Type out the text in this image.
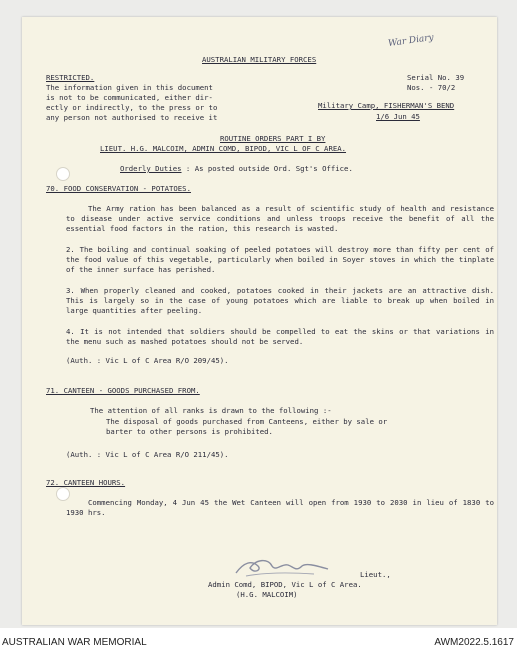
AUSTRALIAN MILITARY FORCES

War Diary

RESTRICTED.

The information given in this document

is not to be communicated, either dir-

ectly or indirectly, to the press or to

any person not authorised to receive it

Serial No. 39

Nos. - 70/2

Military Camp, FISHERMAN'S BEND

1/6 Jun 45

ROUTINE ORDERS PART I BY

LIEUT. H.G. MALCOIM, ADMIN COMD, BIPOD, VIC L OF C AREA.

Orderly Duties : As posted outside Ord. Sgt's Office.

70. FOOD CONSERVATION - POTATOES.

The Army ration has been balanced as a result of scientific study of health and resistance to disease under active service conditions and unless troops receive the benefit of all the essential food factors in the ration, this research is wasted.

2. The boiling and continual soaking of peeled potatoes will destroy more than fifty per cent of the food value of this vegetable, particularly when boiled in Soyer stoves in which the tinplate of the inner surface has perished.

3. When properly cleaned and cooked, potatoes cooked in their jackets are an attractive dish. This is largely so in the case of young potatoes which are liable to break up when boiled in large quantities after peeling.

4. It is not intended that soldiers should be compelled to eat the skins or that variations in the menu such as mashed potatoes should not be served.

(Auth. : Vic L of C Area R/O 209/45).

71. CANTEEN - GOODS PURCHASED FROM.

The attention of all ranks is drawn to the following :-

The disposal of goods purchased from Canteens, either by sale or

barter to other persons is prohibited.

(Auth. : Vic L of C Area R/O 211/45).

72. CANTEEN HOURS.

Commencing Monday, 4 Jun 45 the Wet Canteen will open from 1930 to 2030 in lieu of 1830 to 1930 hrs.

Lieut.,

Admin Comd, BIPOD, Vic L of C Area.

(H.G. MALCOIM)

AUSTRALIAN WAR MEMORIAL	AWM2022.5.1617
